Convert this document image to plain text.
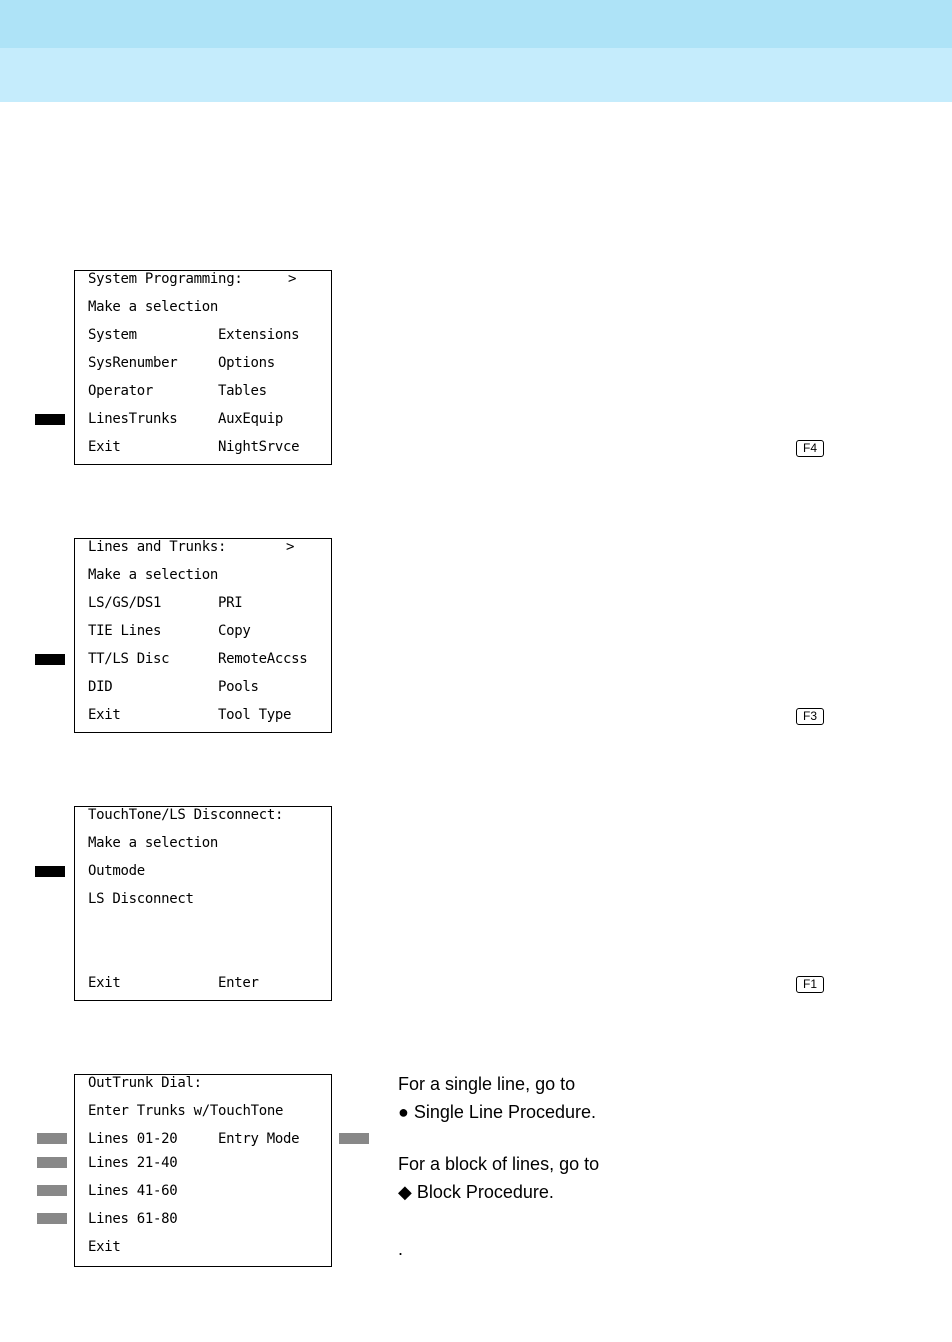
System Programming:	>
Make a selection
System	Extensions
SysRenumber	Options
Operator	Tables
LinesTrunks	AuxEquip
Exit	NightSrvce	F4
Lines and Trunks:	>
Make a selection
LS/GS/DS1	PRI
TIE Lines	Copy
TT/LS Disc	RemoteAccss
DID	Pools
Exit	Tool Type	F3
TouchTone/LS Disconnect:
Make a selection
Outmode
LS Disconnect
Exit	Enter	F1
OutTrunk Dial:
Enter Trunks w/TouchTone
Lines 01-20	Entry Mode
Lines 21-40
Lines 41-60
Lines 61-80
Exit
For a single line, go to
● Single Line Procedure.
For a block of lines, go to
◆ Block Procedure.
.
